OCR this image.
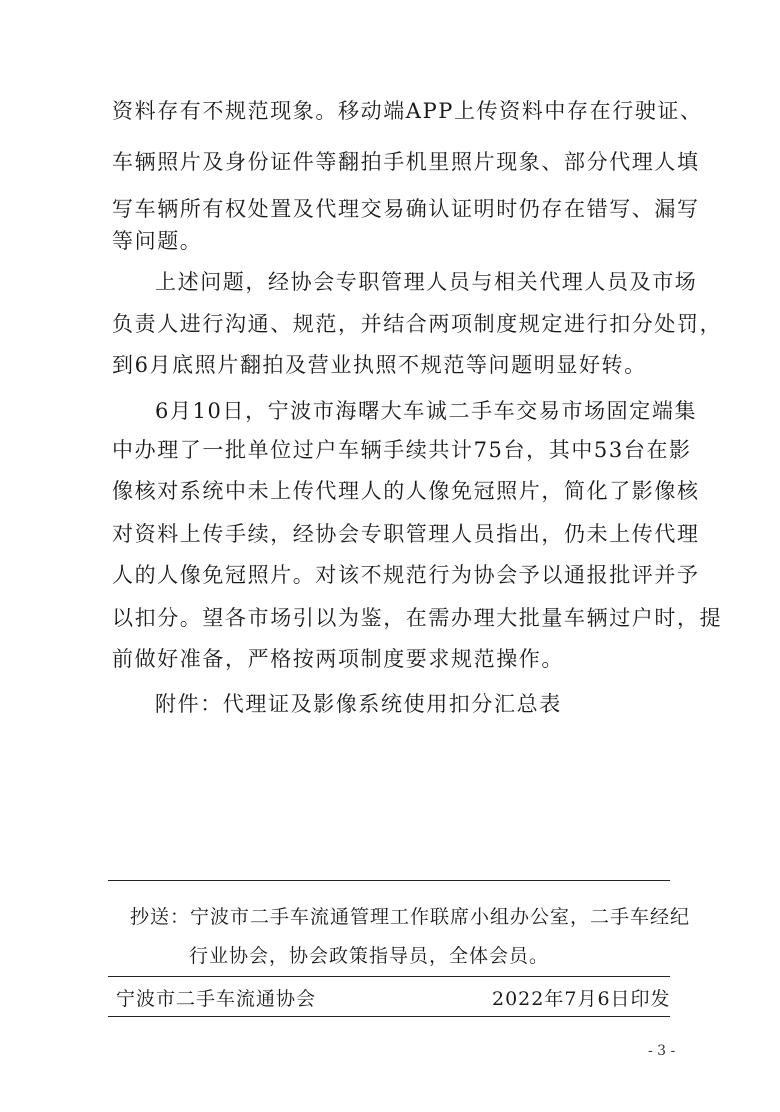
资料存有不规范现象。移动端APP上传资料中存在行驶证、
车辆照片及身份证件等翻拍手机里照片现象、部分代理人填
写车辆所有权处置及代理交易确认证明时仍存在错写、漏写
等问题。
上述问题，经协会专职管理人员与相关代理人员及市场
负责人进行沟通、规范，并结合两项制度规定进行扣分处罚，
到6月底照片翻拍及营业执照不规范等问题明显好转。
6月10日，宁波市海曙大车诚二手车交易市场固定端集
中办理了一批单位过户车辆手续共计75台，其中53台在影
像核对系统中未上传代理人的人像免冠照片，简化了影像核
对资料上传手续，经协会专职管理人员指出，仍未上传代理
人的人像免冠照片。对该不规范行为协会予以通报批评并予
以扣分。望各市场引以为鉴，在需办理大批量车辆过户时，提
前做好准备，严格按两项制度要求规范操作。
附件：代理证及影像系统使用扣分汇总表
抄送：宁波市二手车流通管理工作联席小组办公室，二手车经纪
行业协会，协会政策指导员，全体会员。
宁波市二手车流通协会	2022年7月6日印发
- 3 -
